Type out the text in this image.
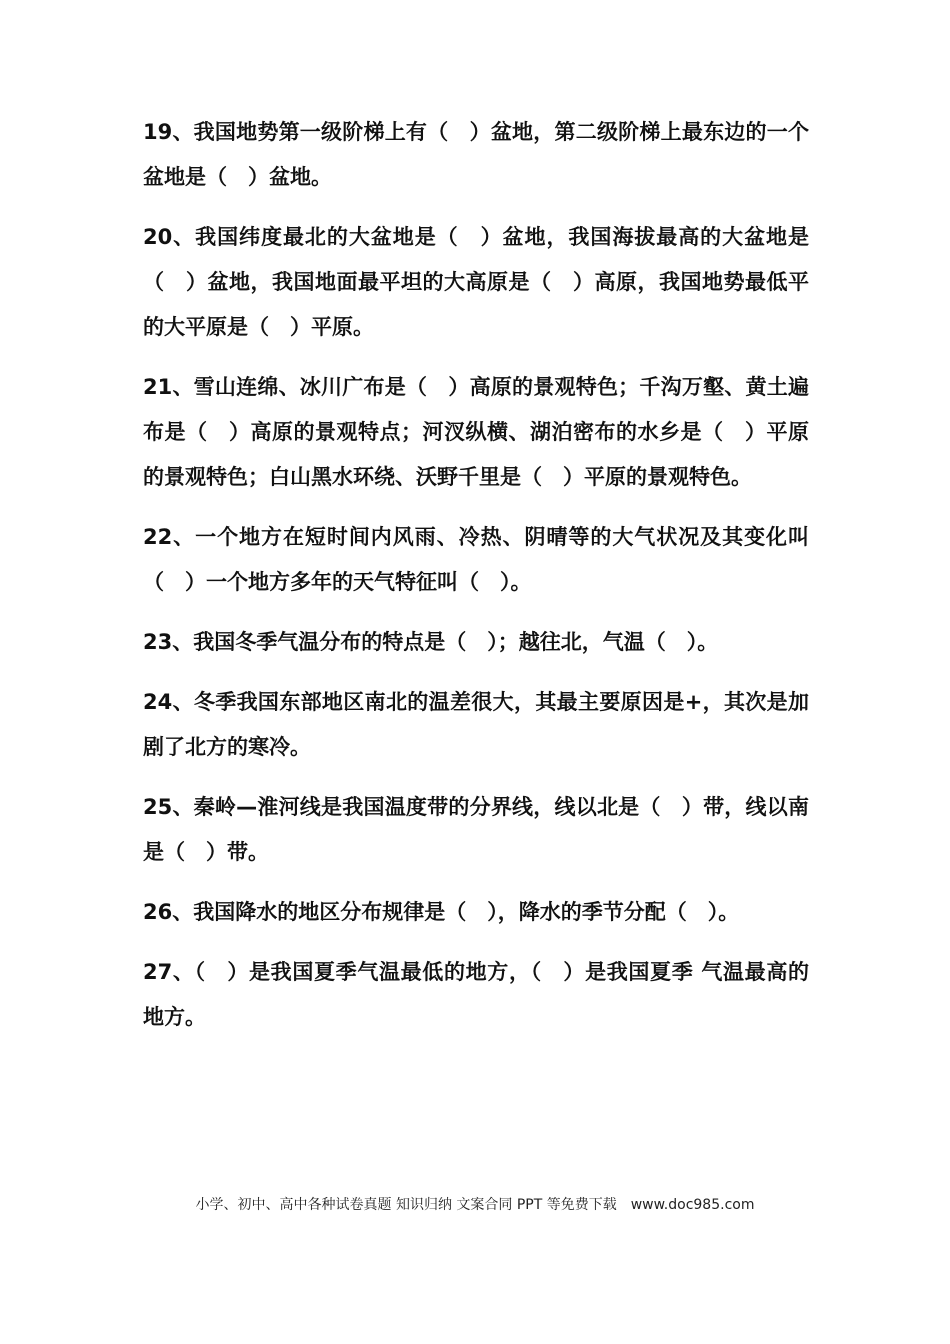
19、我国地势第一级阶梯上有（　）盆地，第二级阶梯上最东边的一个盆地是（　）盆地。

20、我国纬度最北的大盆地是（　）盆地，我国海拔最高的大盆地是（　）盆地，我国地面最平坦的大高原是（　）高原，我国地势最低平的大平原是（　）平原。

21、雪山连绵、冰川广布是（　）高原的景观特色；千沟万壑、黄土遍布是（　）高原的景观特点；河汊纵横、湖泊密布的水乡是（　）平原的景观特色；白山黑水环绕、沃野千里是（　）平原的景观特色。

22、一个地方在短时间内风雨、冷热、阴晴等的大气状况及其变化叫（　）一个地方多年的天气特征叫（　）。

23、我国冬季气温分布的特点是（　）；越往北，气温（　）。

24、冬季我国东部地区南北的温差很大，其最主要原因是+，其次是加剧了北方的寒冷。

25、秦岭—淮河线是我国温度带的分界线，线以北是（　）带，线以南是（　）带。

26、我国降水的地区分布规律是（　），降水的季节分配（　）。

27、（　）是我国夏季气温最低的地方，（　）是我国夏季 气温最高的地方。

小学、初中、高中各种试卷真题 知识归纳 文案合同 PPT 等免费下载　www.doc985.com
